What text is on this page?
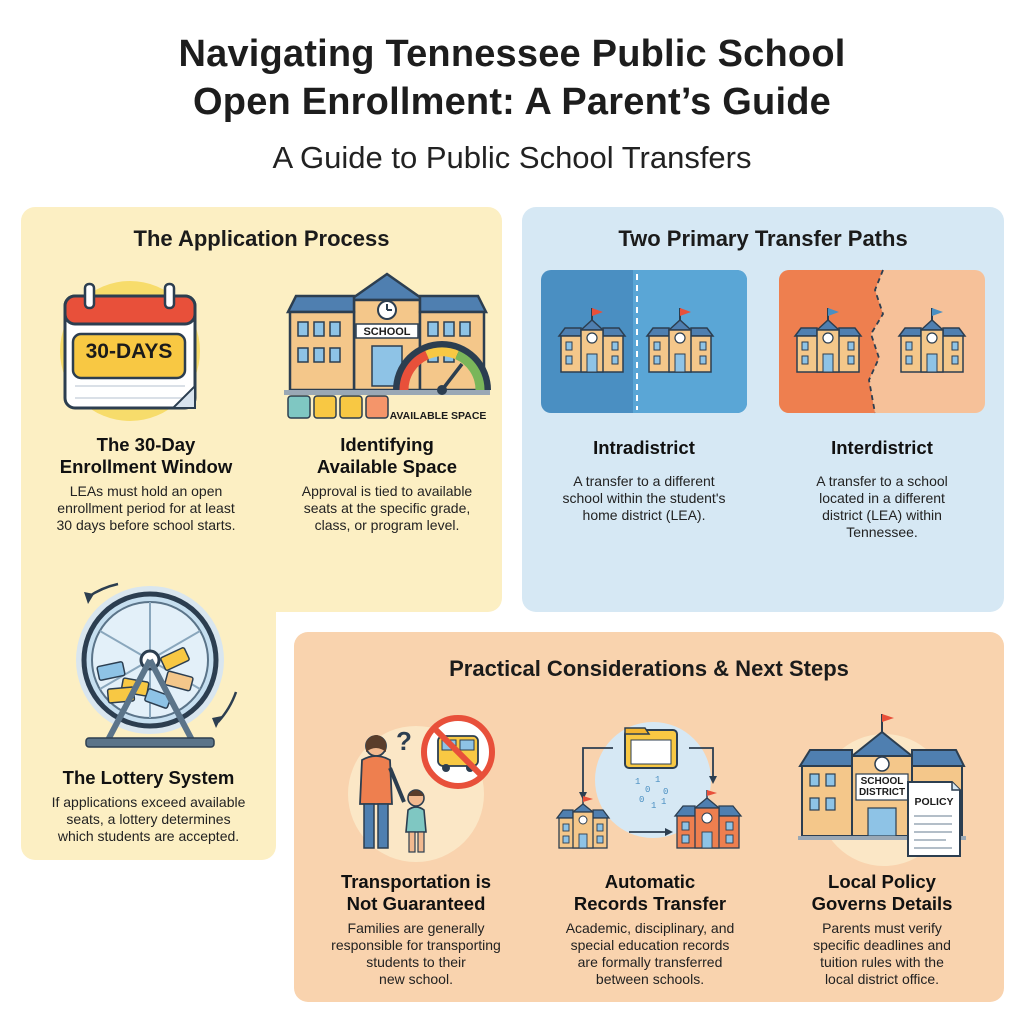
Navigating Tennessee Public School
Open Enrollment: A Parent’s Guide
A Guide to Public School Transfers
The Application Process
30-DAYS
The 30-Day
Enrollment Window
LEAs must hold an open
enrollment period for at least
30 days before school starts.
SCHOOL
AVAILABLE SPACE
Identifying
Available Space
Approval is tied to available
seats at the specific grade,
class, or program level.
The Lottery System
If applications exceed available
seats, a lottery determines
which students are accepted.
Two Primary Transfer Paths
Intradistrict
A transfer to a different
school within the student's
home district (LEA).
Interdistrict
A transfer to a school
located in a different
district (LEA) within
Tennessee.
Practical Considerations & Next Steps
?
Transportation is
Not Guaranteed
Families are generally
responsible for transporting
students to their
new school.
1
0
1
0
0
1 1
Automatic
Records Transfer
Academic, disciplinary, and
special education records
are formally transferred
between schools.
SCHOOL
DISTRICT
POLICY
Local Policy
Governs Details
Parents must verify
specific deadlines and
tuition rules with the
local district office.
